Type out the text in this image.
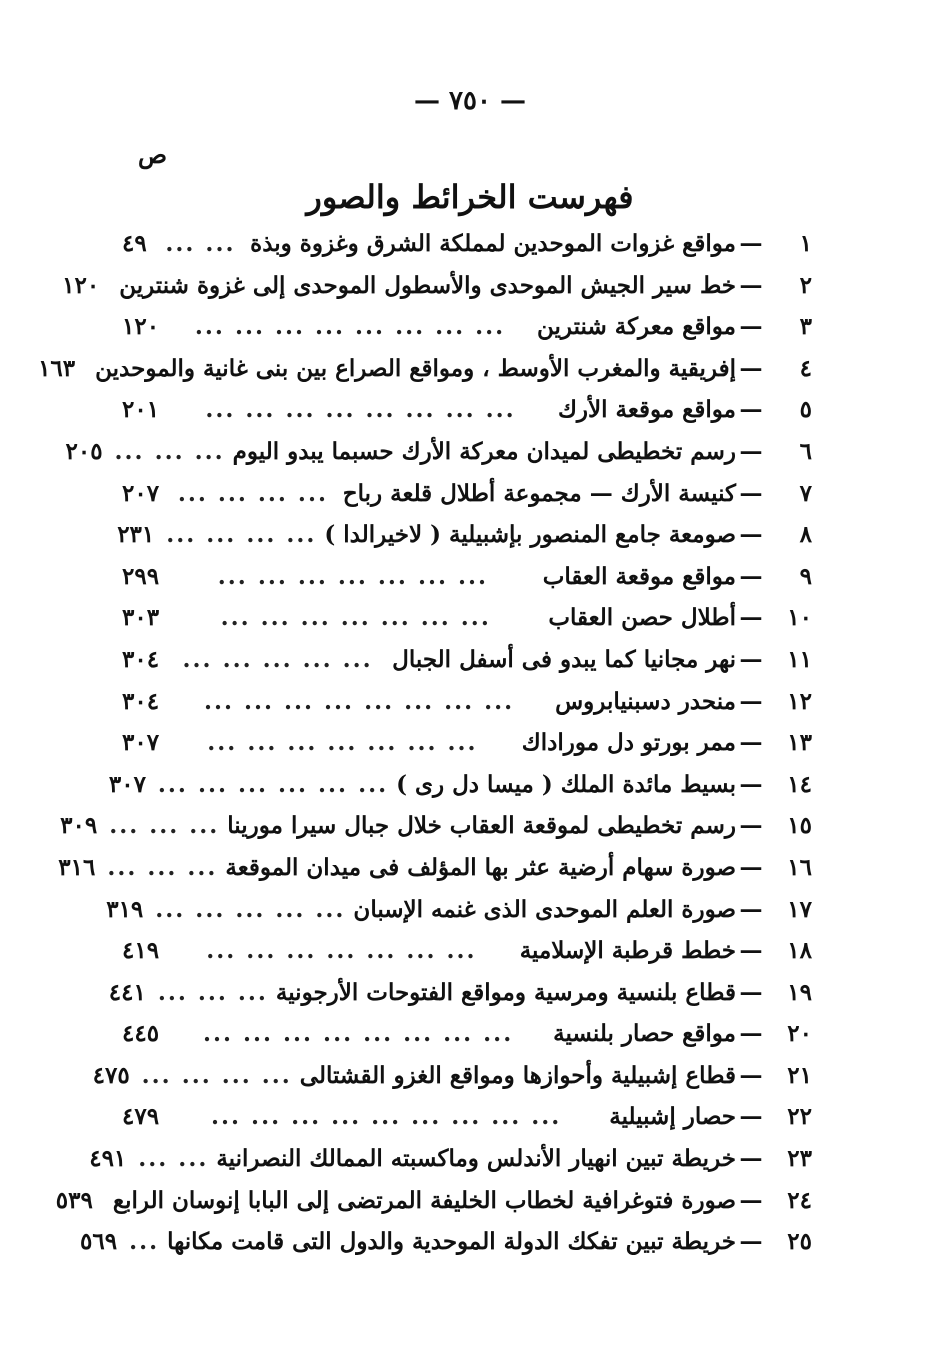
— ٧٥٠ —
ص
فهرست الخرائط والصور
١
—
مواقع غزوات الموحدين لمملكة الشرق وغزوة وبذة
... ...
٤٩
٢
—
خط سير الجيش الموحدى والأسطول الموحدى إلى غزوة شنترين
١٢٠
٣
—
مواقع معركة شنترين
... ... ... ... ... ... ... ...
١٢٠
٤
—
إفريقية والمغرب الأوسط ، ومواقع الصراع بين بنى غانية والموحدين
١٦٣
٥
—
مواقع موقعة الأرك
... ... ... ... ... ... ... ...
٢٠١
٦
—
رسم تخطيطى لميدان معركة الأرك حسبما يبدو اليوم
... ... ...
٢٠٥
٧
—
كنيسة الأرك — مجموعة أطلال قلعة رباح
... ... ... ...
٢٠٧
٨
—
صومعة جامع المنصور بإشبيلية ( لاخيرالدا )
... ... ... ...
٢٣١
٩
—
مواقع موقعة العقاب
... ... ... ... ... ... ...
٢٩٩
١٠
—
أطلال حصن العقاب
... ... ... ... ... ... ...
٣٠٣
١١
—
نهر مجانيا كما يبدو فى أسفل الجبال
... ... ... ... ...
٣٠٤
١٢
—
منحدر دسبنيابروس
... ... ... ... ... ... ... ...
٣٠٤
١٣
—
ممر بورتو دل موراداك
... ... ... ... ... ... ...
٣٠٧
١٤
—
بسيط مائدة الملك ( ميسا دل رى )
... ... ... ... ... ...
٣٠٧
١٥
—
رسم تخطيطى لموقعة العقاب خلال جبال سيرا مورينا
... ... ...
٣٠٩
١٦
—
صورة سهام أرضية عثر بها المؤلف فى ميدان الموقعة
... ... ...
٣١٦
١٧
—
صورة العلم الموحدى الذى غنمه الإسبان
... ... ... ... ...
٣١٩
١٨
—
خطط قرطبة الإسلامية
... ... ... ... ... ... ...
٤١٩
١٩
—
قطاع بلنسية ومرسية ومواقع الفتوحات الأرجونية
... ... ...
٤٤١
٢٠
—
مواقع حصار بلنسية
... ... ... ... ... ... ... ...
٤٤٥
٢١
—
قطاع إشبيلية وأحوازها ومواقع الغزو القشتالى
... ... ... ...
٤٧٥
٢٢
—
حصار إشبيلية
... ... ... ... ... ... ... ... ...
٤٧٩
٢٣
—
خريطة تبين انهيار الأندلس وماكسبته الممالك النصرانية
... ...
٤٩١
٢٤
—
صورة فتوغرافية لخطاب الخليفة المرتضى إلى البابا إنوسان الرابع
٥٣٩
٢٥
—
خريطة تبين تفكك الدولة الموحدية والدول التى قامت مكانها
...
٥٦٩
